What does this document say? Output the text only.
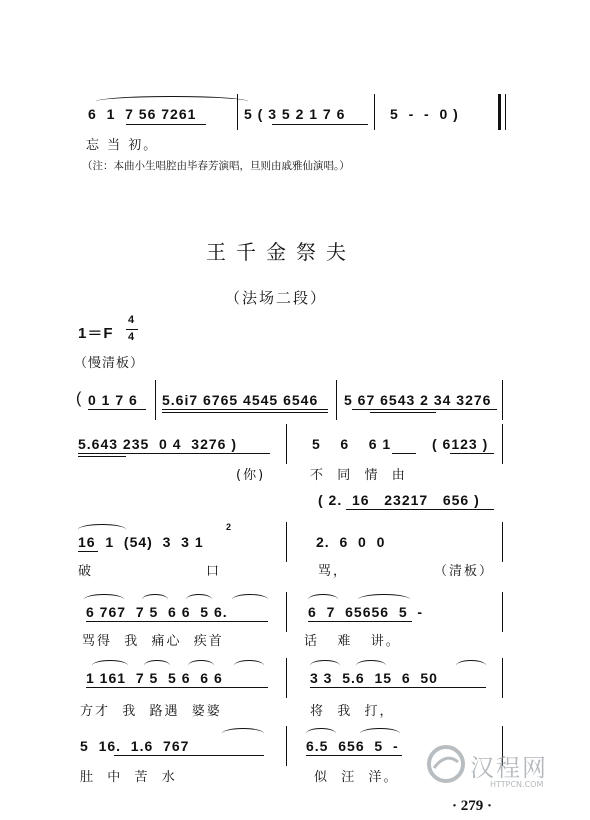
6  1  7 56 7261	5 ( 3 5 2 1 7 6	5  -  -  0 )
忘 当 初。
（注：本曲小生唱腔由毕春芳演唱，旦则由戚雅仙演唱。）
王千金祭夫
（法场二段）
1＝F
4
4
（慢清板）
( 0 1 7 6 5.6i7 6765 4545 6546 5 67 6543 2 34 3276
5.643 235  0 4  3276 )	5    6    6 1	( 6123 )
(你)	不  同  情  由
( 2.  16   23217   656 )
16  1  (54)  3  3 1
2
2.  6  0  0
破	口	骂，	（清板）
6 767  7 5  6 6  5 6.	6  7  65656  5  -
骂得  我  痛心  疾首	话   难   讲。
1 161  7 5  5 6  6 6	3 3  5.6  15  6  50
方才  我  路遇  婆婆	将  我  打，
5  16.  1.6  767	6.5  656  5  -
肚  中  苦  水	似  汪  洋。	汉程网
HTTPCN.COM
· 279 ·
